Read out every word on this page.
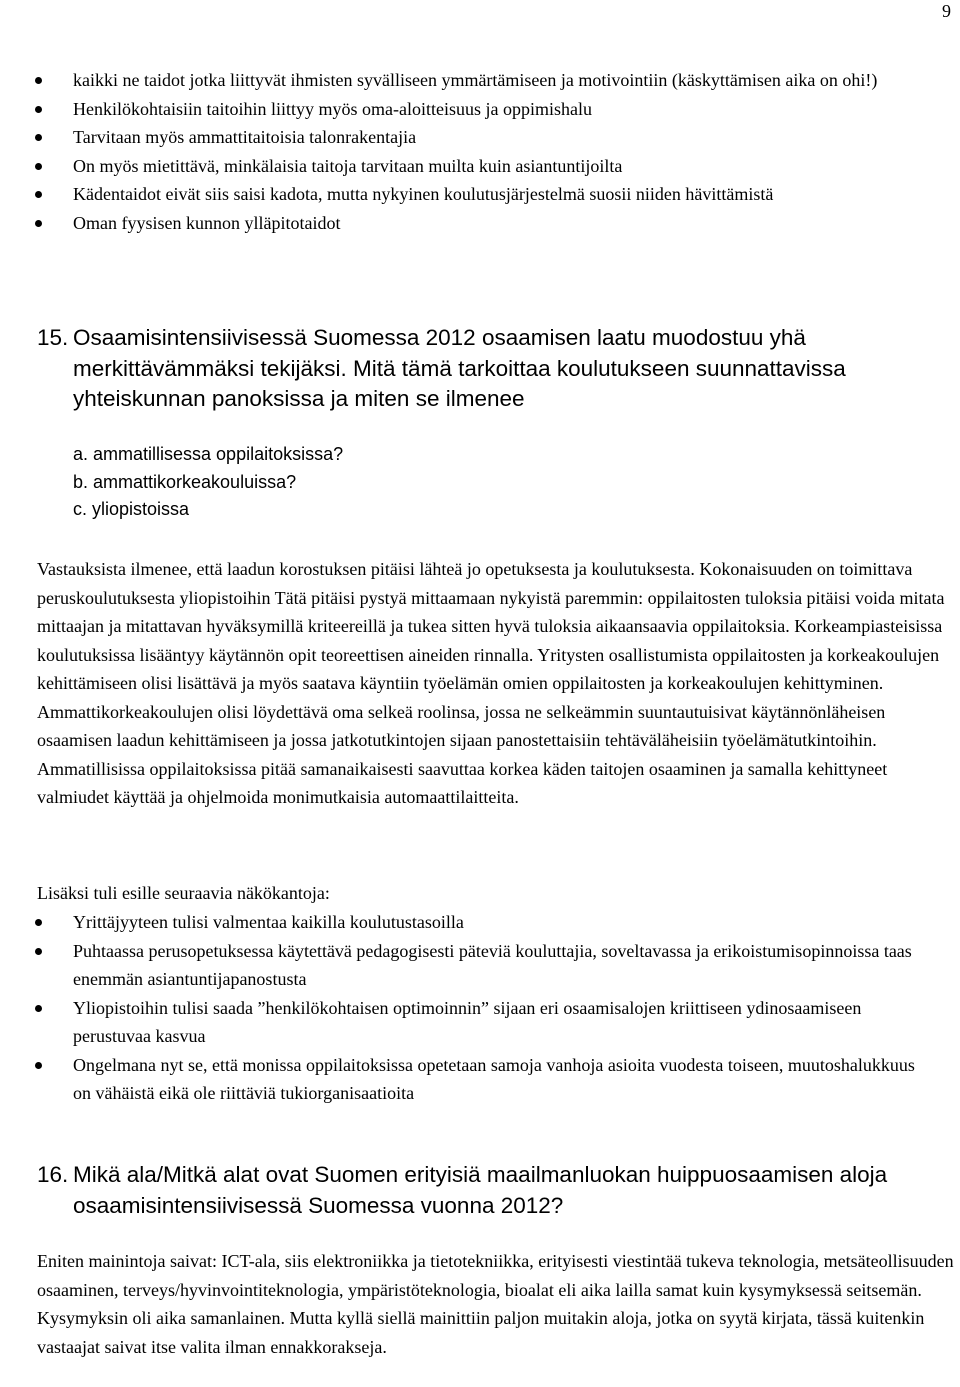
9
kaikki ne taidot jotka liittyvät ihmisten syvälliseen ymmärtämiseen ja motivointiin (käskyttämisen aika on ohi!)
Henkilökohtaisiin taitoihin liittyy myös oma-aloitteisuus ja oppimishalu
Tarvitaan myös ammattitaitoisia talonrakentajia
On myös mietittävä, minkälaisia taitoja tarvitaan muilta kuin asiantuntijoilta
Kädentaidot eivät siis saisi kadota, mutta nykyinen koulutusjärjestelmä suosii niiden hävittämistä
Oman fyysisen kunnon ylläpitotaidot
15. Osaamisintensiivisessä Suomessa 2012 osaamisen laatu muodostuu yhä merkittävämmäksi tekijäksi. Mitä tämä tarkoittaa koulutukseen suunnattavissa yhteiskunnan panoksissa ja miten se ilmenee
a. ammatillisessa oppilaitoksissa?
b. ammattikorkeakouluissa?
c. yliopistoissa

Vastauksista ilmenee, että laadun korostuksen pitäisi lähteä jo opetuksesta ja koulutuksesta. Kokonaisuuden on toimittava peruskoulutuksesta yliopistoihin Tätä pitäisi pystyä mittaamaan nykyistä paremmin: oppilaitosten tuloksia pitäisi voida mitata mittaajan ja mitattavan hyväksymillä kriteereillä ja tukea sitten hyvä tuloksia aikaansaavia oppilaitoksia. Korkeampiasteisissa koulutuksissa lisääntyy käytännön opit teoreettisen aineiden rinnalla. Yritysten osallistumista oppilaitosten ja korkeakoulujen kehittämiseen olisi lisättävä ja myös saatava käyntiin työelämän omien oppilaitosten ja korkeakoulujen kehittyminen. Ammattikorkeakoulujen olisi löydettävä oma selkeä roolinsa, jossa ne selkeämmin suuntautuisivat käytännönläheisen osaamisen laadun kehittämiseen ja jossa jatkotutkintojen sijaan panostettaisiin tehtäväläheisiin työelämätutkintoihin. Ammatillisissa oppilaitoksissa pitää samanaikaisesti saavuttaa korkea käden taitojen osaaminen ja samalla kehittyneet valmiudet käyttää ja ohjelmoida monimutkaisia automaattilaitteita.

Lisäksi tuli esille seuraavia näkökantoja:

Yrittäjyyteen tulisi valmentaa kaikilla koulutustasoilla
Puhtaassa perusopetuksessa käytettävä pedagogisesti päteviä kouluttajia, soveltavassa ja erikoistumisopinnoissa taas enemmän asiantuntijapanostusta
Yliopistoihin tulisi saada ”henkilökohtaisen optimoinnin” sijaan eri osaamisalojen kriittiseen ydinosaamiseen perustuvaa kasvua
Ongelmana nyt se, että monissa oppilaitoksissa opetetaan samoja vanhoja asioita vuodesta toiseen, muutoshalukkuus on vähäistä eikä ole riittäviä tukiorganisaatioita
16. Mikä ala/Mitkä alat ovat Suomen erityisiä maailmanluokan huippuosaamisen aloja osaamisintensiivisessä Suomessa vuonna 2012?

Eniten mainintoja saivat: ICT-ala, siis elektroniikka ja tietotekniikka, erityisesti viestintää tukeva teknologia, metsäteollisuuden osaaminen, terveys/hyvinvointiteknologia, ympäristöteknologia, bioalat eli aika lailla samat kuin kysymyksessä seitsemän. Kysymyksin oli aika samanlainen. Mutta kyllä siellä mainittiin paljon muitakin aloja, jotka on syytä kirjata, tässä kuitenkin vastaajat saivat itse valita ilman ennakkorakseja.
